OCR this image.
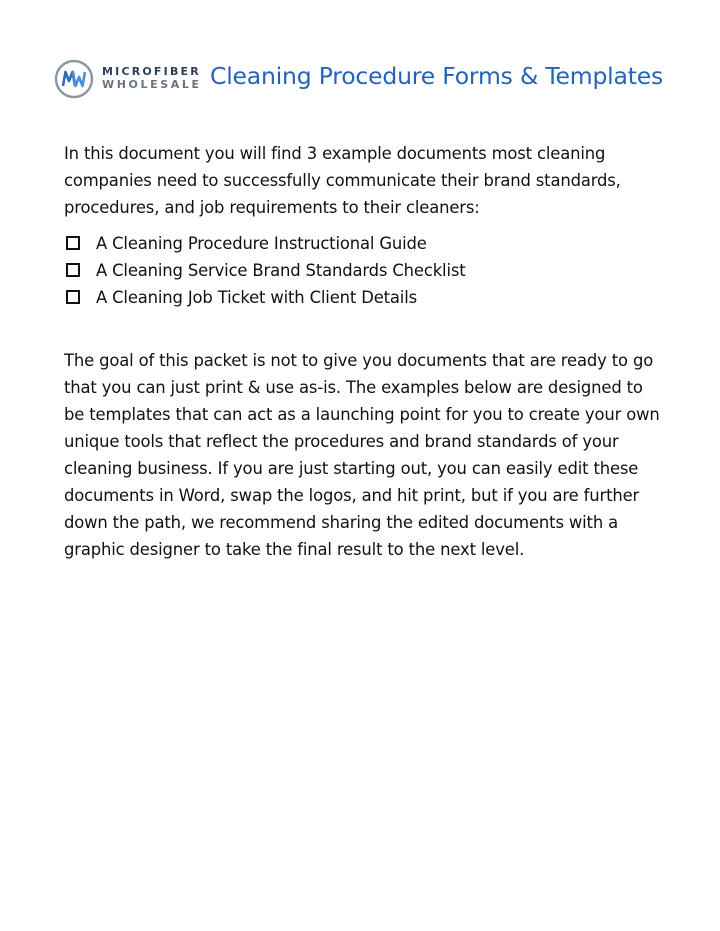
MICROFIBER
WHOLESALE Cleaning Procedure Forms & Templates

In this document you will find 3 example documents most cleaning companies need to successfully communicate their brand standards, procedures, and job requirements to their cleaners:

A Cleaning Procedure Instructional Guide
A Cleaning Service Brand Standards Checklist
A Cleaning Job Ticket with Client Details

The goal of this packet is not to give you documents that are ready to go that you can just print & use as-is. The examples below are designed to be templates that can act as a launching point for you to create your own unique tools that reflect the procedures and brand standards of your cleaning business. If you are just starting out, you can easily edit these documents in Word, swap the logos, and hit print, but if you are further down the path, we recommend sharing the edited documents with a graphic designer to take the final result to the next level.
